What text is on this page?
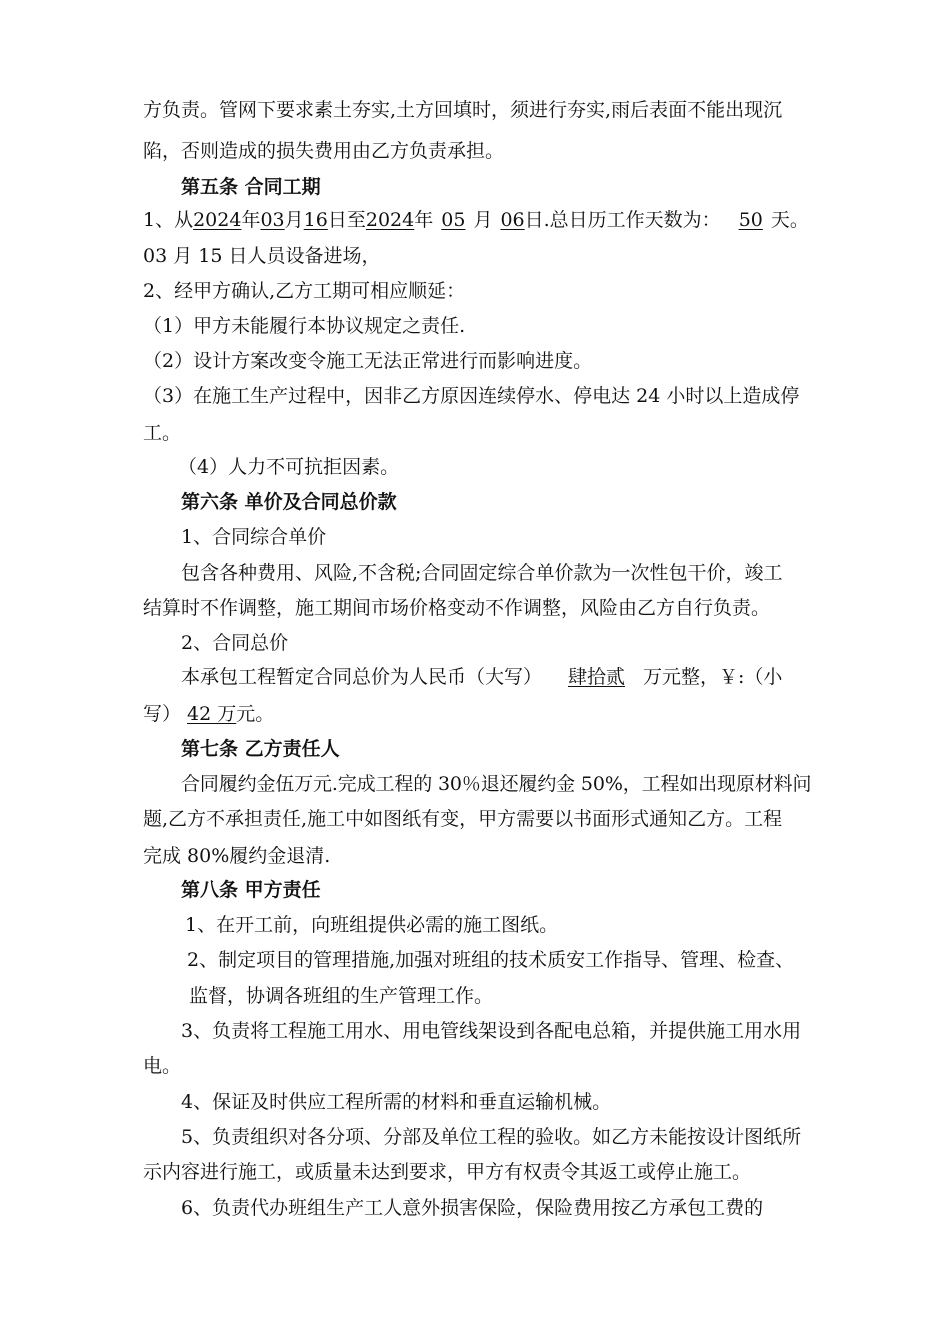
方负责。管网下要求素土夯实,土方回填时，须进行夯实,雨后表面不能出现沉
陷，否则造成的损失费用由乙方负责承担。
第五条 合同工期
1、从2024年03月16日至2024年 05 月 06日.总日历工作天数为： 50 天。
03 月 15 日人员设备进场，
2、经甲方确认,乙方工期可相应顺延：
（1）甲方未能履行本协议规定之责任.
（2）设计方案改变令施工无法正常进行而影响进度。
（3）在施工生产过程中，因非乙方原因连续停水、停电达 24 小时以上造成停
工。
（4）人力不可抗拒因素。
第六条 单价及合同总价款
1、合同综合单价
包含各种费用、风险,不含税;合同固定综合单价款为一次性包干价，竣工
结算时不作调整，施工期间市场价格变动不作调整，风险由乙方自行负责。
2、合同总价
本承包工程暂定合同总价为人民币（大写） 肆拾贰 万元整，￥:（小
写） 42 万元。
第七条 乙方责任人
合同履约金伍万元.完成工程的 30％退还履约金 50%，工程如出现原材料问
题,乙方不承担责任,施工中如图纸有变，甲方需要以书面形式通知乙方。工程
完成 80%履约金退清.
第八条 甲方责任
1、在开工前，向班组提供必需的施工图纸。
2、制定项目的管理措施,加强对班组的技术质安工作指导、管理、检查、
监督，协调各班组的生产管理工作。
3、负责将工程施工用水、用电管线架设到各配电总箱，并提供施工用水用
电。
4、保证及时供应工程所需的材料和垂直运输机械。
5、负责组织对各分项、分部及单位工程的验收。如乙方未能按设计图纸所
示内容进行施工，或质量未达到要求，甲方有权责令其返工或停止施工。
6、负责代办班组生产工人意外损害保险，保险费用按乙方承包工费的
